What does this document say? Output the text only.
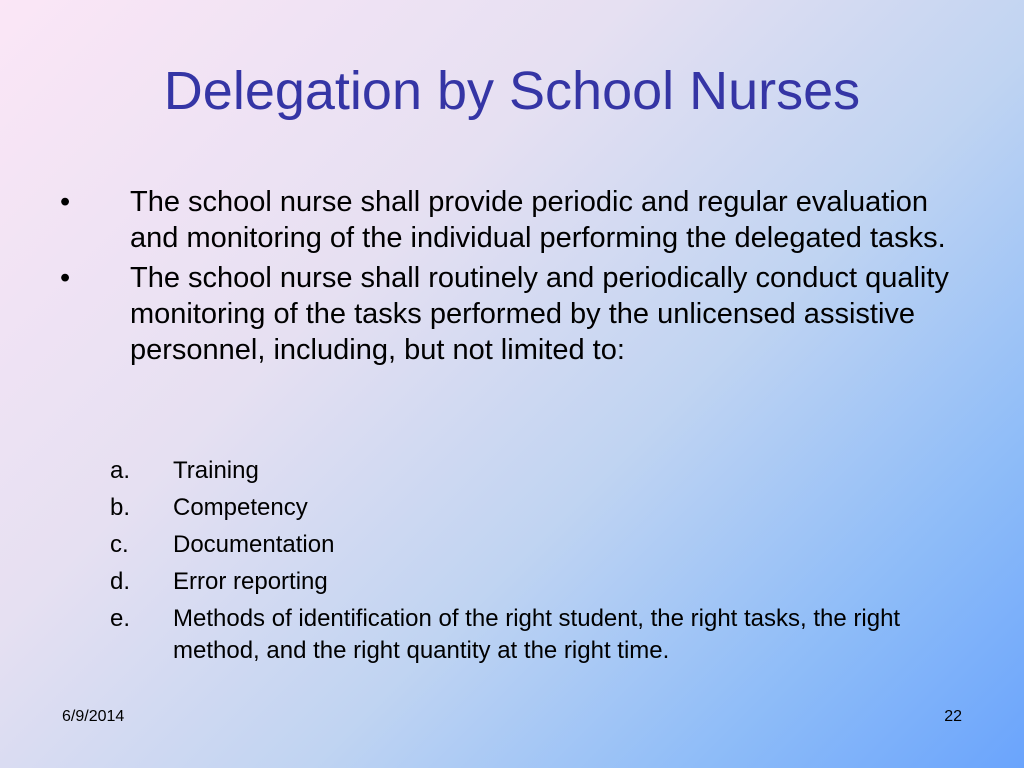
Delegation by School Nurses
•	The school nurse shall provide periodic and regular evaluation and monitoring of the individual performing the delegated tasks.
•	The school nurse shall routinely and periodically conduct quality monitoring of the tasks performed by the unlicensed assistive personnel, including, but not limited to:
a.	Training
b.	Competency
c.	Documentation
d.	Error reporting
e.	Methods of identification of the right student, the right tasks, the right method, and the right quantity at the right time.
6/9/2014	22
